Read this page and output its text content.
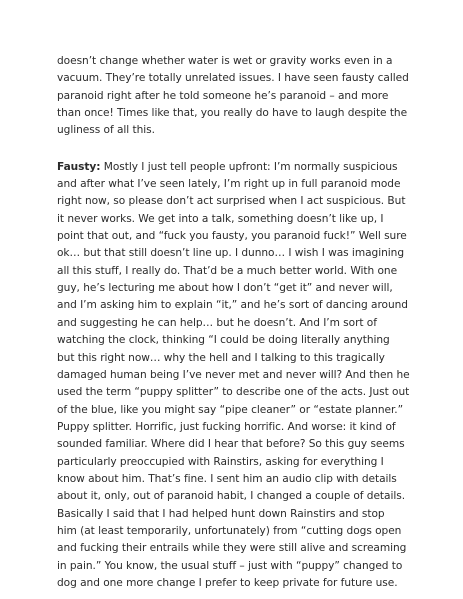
doesn’t change whether water is wet or gravity works even in a
vacuum. They’re totally unrelated issues. I have seen fausty called
paranoid right after he told someone he’s paranoid – and more
than once! Times like that, you really do have to laugh despite the
ugliness of all this.

Fausty: Mostly I just tell people upfront: I’m normally suspicious
and after what I’ve seen lately, I’m right up in full paranoid mode
right now, so please don’t act surprised when I act suspicious. But
it never works. We get into a talk, something doesn’t like up, I
point that out, and “fuck you fausty, you paranoid fuck!” Well sure
ok… but that still doesn’t line up. I dunno… I wish I was imagining
all this stuff, I really do. That’d be a much better world. With one
guy, he’s lecturing me about how I don’t “get it” and never will,
and I’m asking him to explain “it,” and he’s sort of dancing around
and suggesting he can help… but he doesn’t. And I’m sort of
watching the clock, thinking “I could be doing literally anything
but this right now… why the hell and I talking to this tragically
damaged human being I’ve never met and never will? And then he
used the term “puppy splitter” to describe one of the acts. Just out
of the blue, like you might say “pipe cleaner” or “estate planner.”
Puppy splitter. Horrific, just fucking horrific. And worse: it kind of
sounded familiar. Where did I hear that before? So this guy seems
particularly preoccupied with Rainstirs, asking for everything I
know about him. That’s fine. I sent him an audio clip with details
about it, only, out of paranoid habit, I changed a couple of details.
Basically I said that I had helped hunt down Rainstirs and stop
him (at least temporarily, unfortunately) from “cutting dogs open
and fucking their entrails while they were still alive and screaming
in pain.” You know, the usual stuff – just with “puppy” changed to
dog and one more change I prefer to keep private for future use.
